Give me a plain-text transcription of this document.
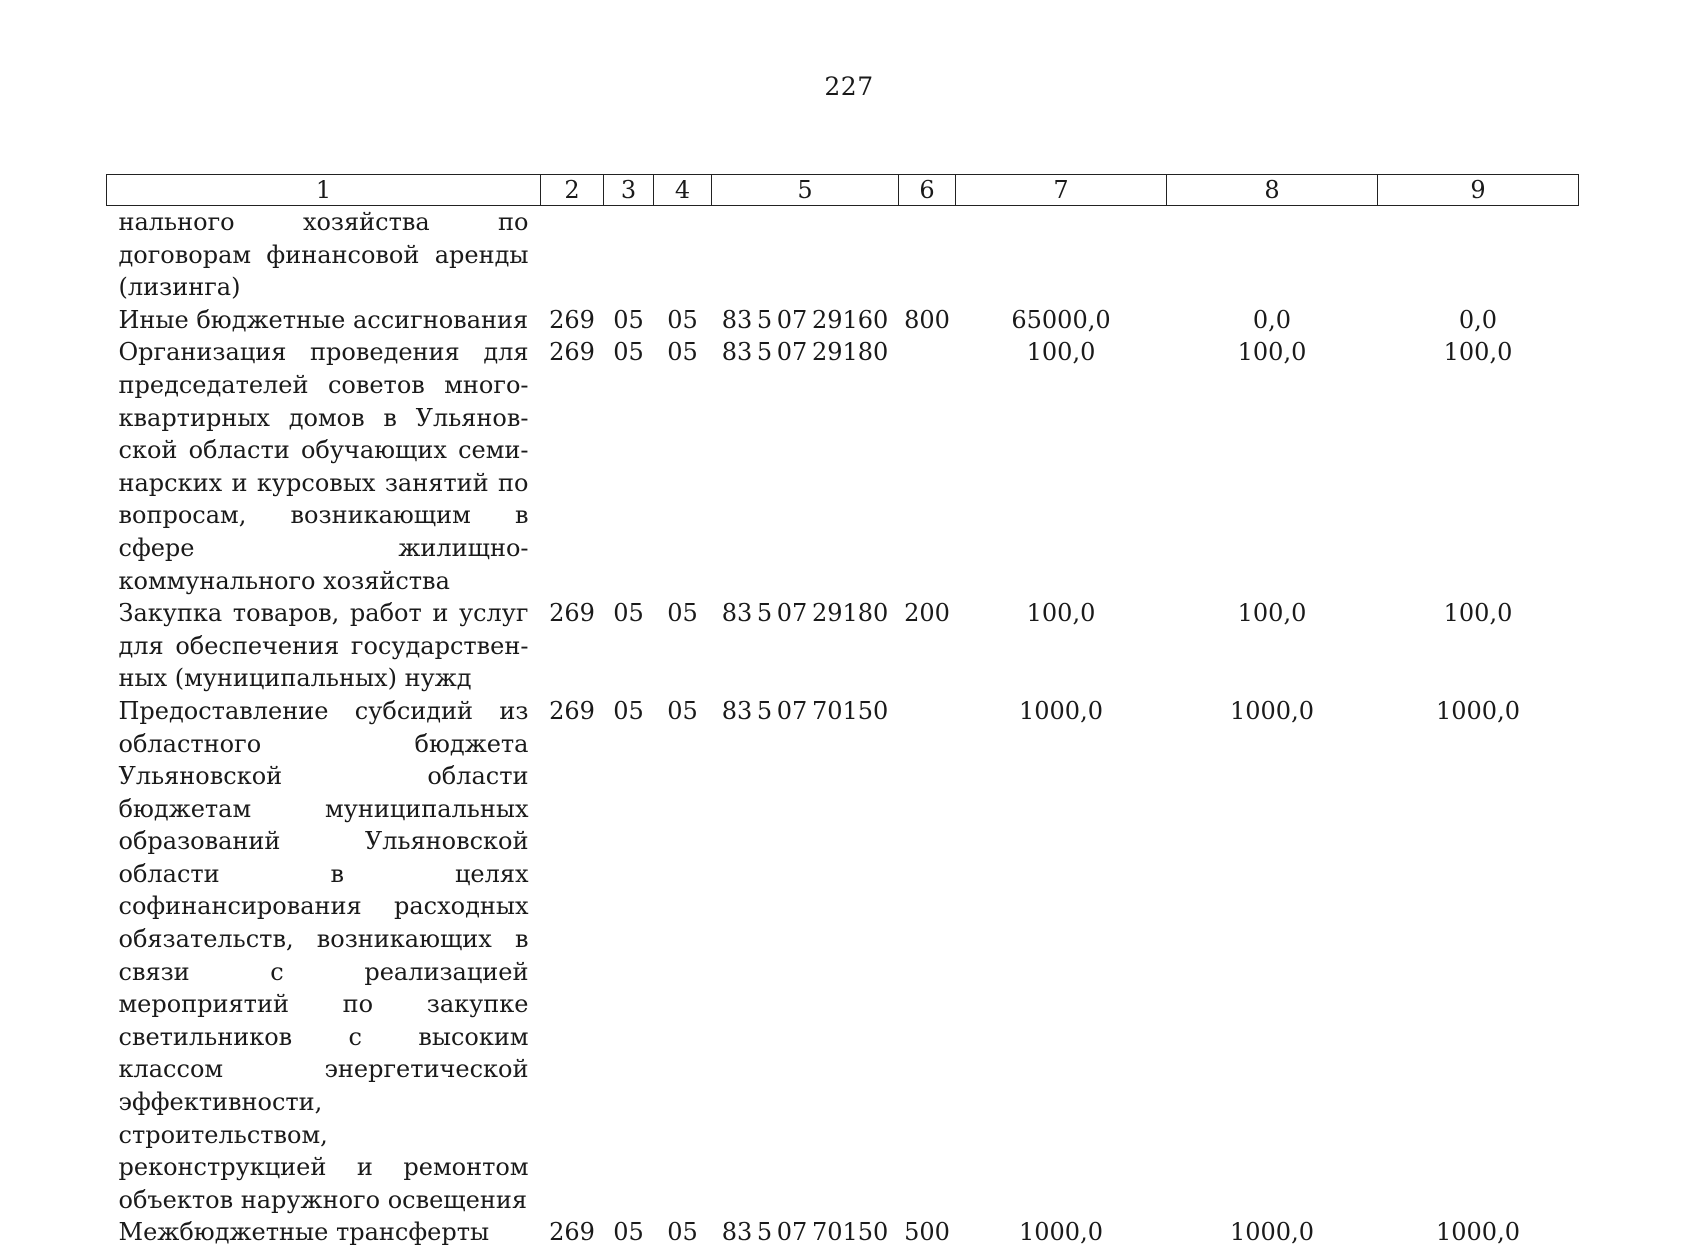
227
1	2	3	4	5	6	7	8	9
нального хозяйства по договорам финансовой аренды (лизинга)								
Иные бюджетные ассигнования	269	05	05	83 5 07 29160	800	65000,0	0,0	0,0
Организация проведения для председателей советов многоквартирных домов в Ульяновской области обучающих семинарских и курсовых занятий по вопросам, возникающим в сфере жилищно-коммунального хозяйства	269	05	05	83 5 07 29180		100,0	100,0	100,0
Закупка товаров, работ и услуг для обеспечения государственных (муниципальных) нужд	269	05	05	83 5 07 29180	200	100,0	100,0	100,0
Предоставление субсидий из областного бюджета Ульяновской области бюджетам муниципальных образований Ульяновской области в целях софинансирования расходных обязательств, возникающих в связи с реализацией мероприятий по закупке светильников с высоким классом энергетической эффективности, строительством, реконструкцией и ремонтом объектов наружного освещения	269	05	05	83 5 07 70150		1000,0	1000,0	1000,0
Межбюджетные трансферты	269	05	05	83 5 07 70150	500	1000,0	1000,0	1000,0
